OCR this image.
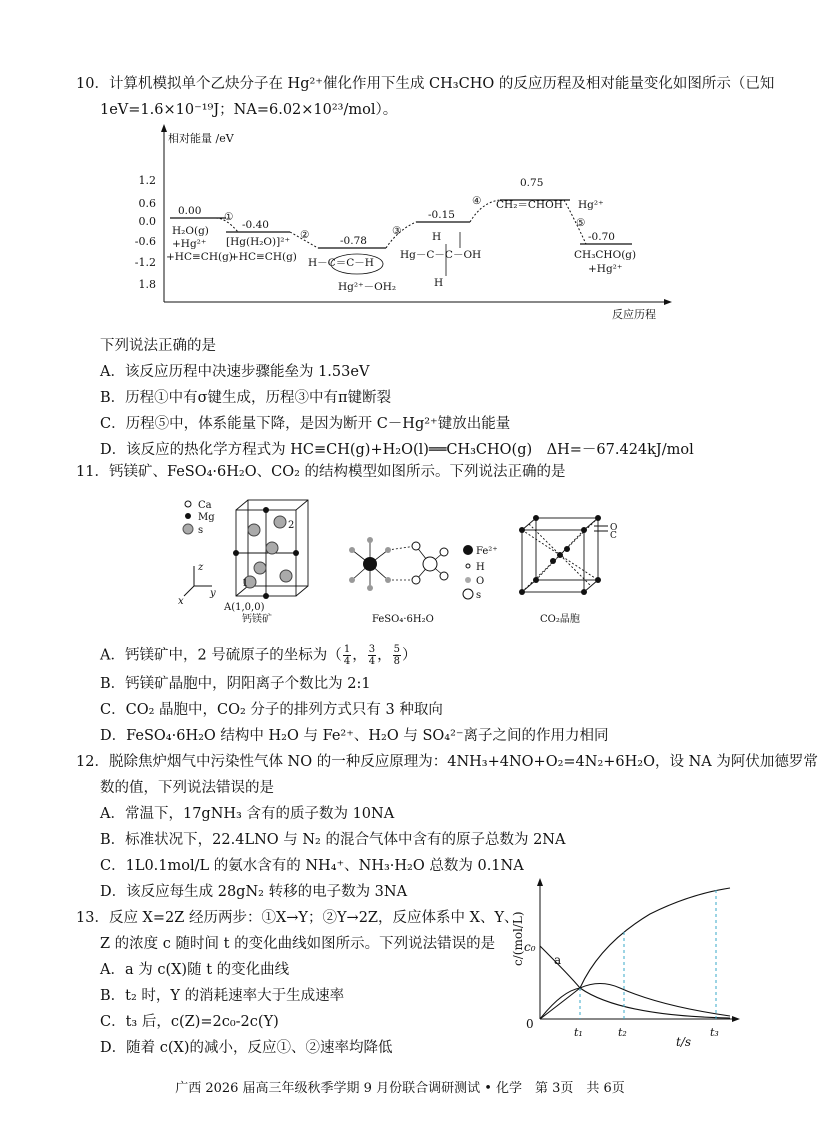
10．计算机模拟单个乙炔分子在 Hg²⁺催化作用下生成 CH₃CHO 的反应历程及相对能量变化如图所示（已知
1eV=1.6×10⁻¹⁹J；NA=6.02×10²³/mol）。
相对能量 /eV
反应历程
1.2
0.6
0.0
-0.6
-1.2
1.8
①
②	③
④
⑤
0.00
H₂O(g)
+Hg²⁺
+HC≡CH(g)
-0.40
[Hg(H₂O)]²⁺
+HC≡CH(g)
-0.78
H－C＝C－H
Hg²⁺－OH₂
-0.15
Hg－C－C－OH
H
H
0.75
CH₂＝CHOH Hg²⁺
-0.70
CH₃CHO(g)
+Hg²⁺
下列说法正确的是
A．该反应历程中决速步骤能垒为 1.53eV
B．历程①中有σ键生成，历程③中有π键断裂
C．历程⑤中，体系能量下降，是因为断开 C－Hg²⁺键放出能量
D．该反应的热化学方程式为 HC≡CH(g)+H₂O(l)══CH₃CHO(g)　ΔH=－67.424kJ/mol
11．钙镁矿、FeSO₄·6H₂O、CO₂ 的结构模型如图所示。下列说法正确的是
Ca
Mg
s
z
y
x
2
1
A(1,0,0)
钙镁矿
Fe²⁺
H
O
s
FeSO₄·6H₂O
O
C
CO₂晶胞
A．钙镁矿中，2 号硫原子的坐标为（ $\frac{1}{4}$ ， $\frac{3}{4}$ ， $\frac{5}{8}$ ）
B．钙镁矿晶胞中，阴阳离子个数比为 2:1
C．CO₂ 晶胞中，CO₂ 分子的排列方式只有 3 种取向
D．FeSO₄·6H₂O 结构中 H₂O 与 Fe²⁺、H₂O 与 SO₄²⁻离子之间的作用力相同
12．脱除焦炉烟气中污染性气体 NO 的一种反应原理为：4NH₃+4NO+O₂=4N₂+6H₂O，设 NA 为阿伏加德罗常
数的值，下列说法错误的是
A．常温下，17gNH₃ 含有的质子数为 10NA
B．标准状况下，22.4LNO 与 N₂ 的混合气体中含有的原子总数为 2NA
C．1L0.1mol/L 的氨水含有的 NH₄⁺、NH₃·H₂O 总数为 0.1NA
D．该反应每生成 28gN₂ 转移的电子数为 3NA
13．反应 X=2Z 经历两步：①X→Y；②Y→2Z，反应体系中 X、Y、
Z 的浓度 c 随时间 t 的变化曲线如图所示。下列说法错误的是
A．a 为 c(X)随 t 的变化曲线
B．t₂ 时，Y 的消耗速率大于生成速率
C．t₃ 后，c(Z)=2c₀-2c(Y)
D．随着 c(X)的减小，反应①、②速率均降低
c/(mol/L) c₀
a
0
t/s
t₁	t₂	t₃
广西 2026 届高三年级秋季学期 9 月份联合调研测试 • 化学　第 3页　共 6页
